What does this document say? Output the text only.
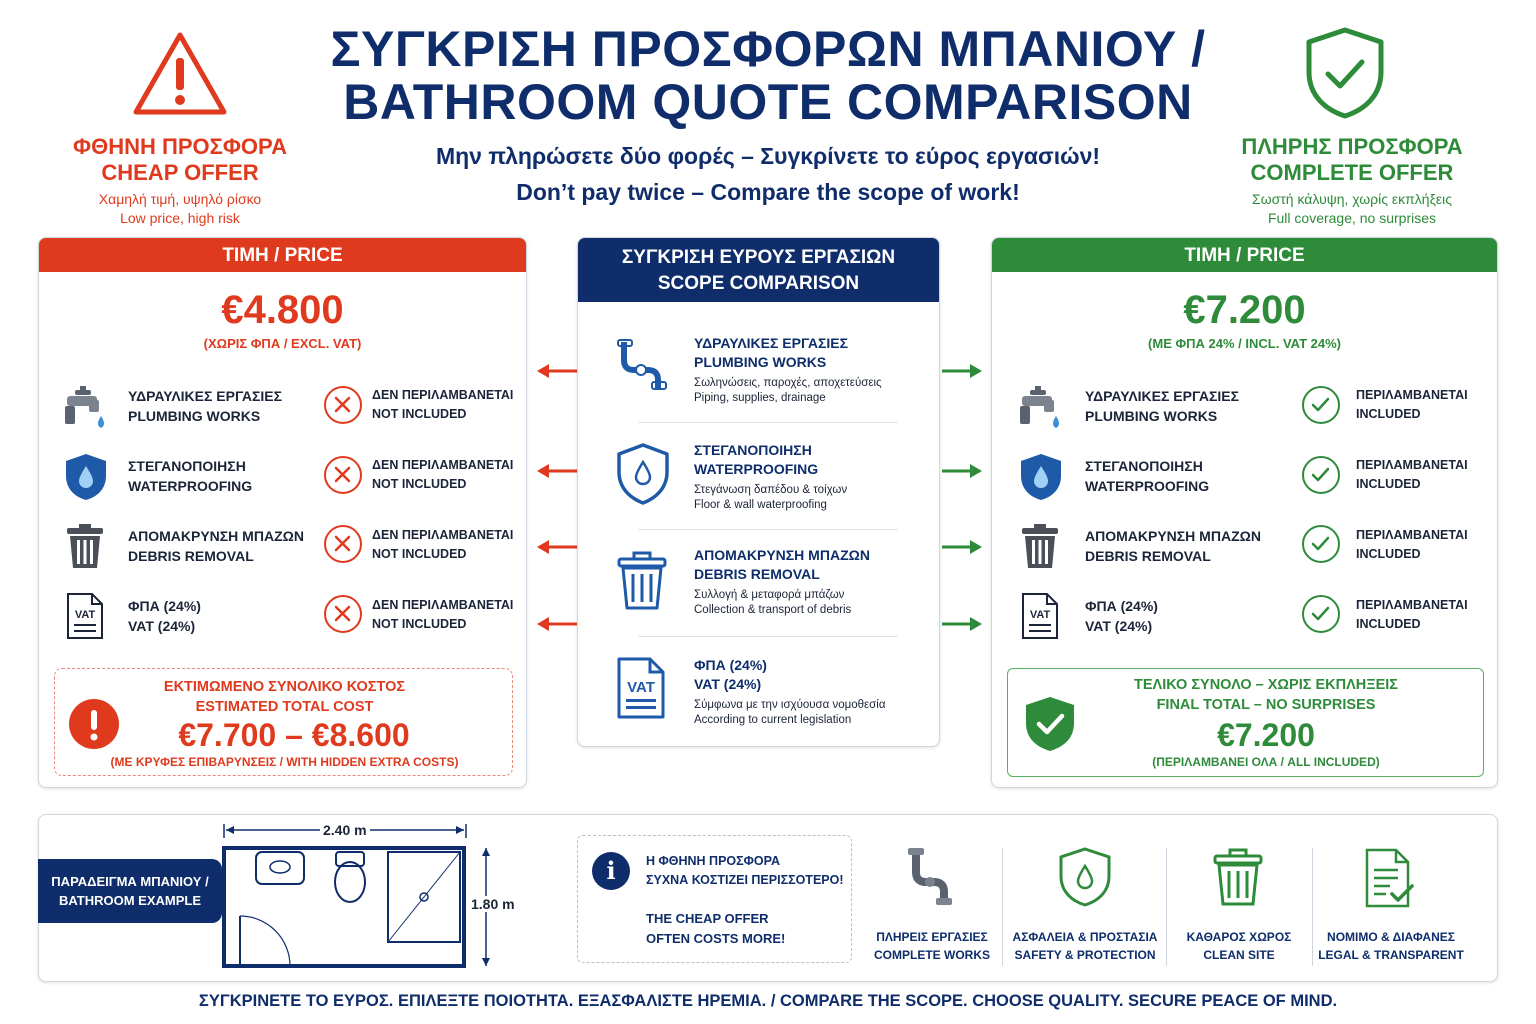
ΣΥΓΚΡΙΣΗ ΠΡΟΣΦΟΡΩΝ ΜΠΑΝΙΟΥ /
BATHROOM QUOTE COMPARISON
Μην πληρώσετε δύο φορές – Συγκρίνετε το εύρος εργασιών!
Don’t pay twice – Compare the scope of work!
ΦΘΗΝΗ ΠΡΟΣΦΟΡΑ
CHEAP OFFER
Χαμηλή τιμή, υψηλό ρίσκο
Low price, high risk
ΠΛΗΡΗΣ ΠΡΟΣΦΟΡΑ
COMPLETE OFFER
Σωστή κάλυψη, χωρίς εκπλήξεις
Full coverage, no surprises
ΤΙΜΗ / PRICE
€4.800
(ΧΩΡΙΣ ΦΠΑ / EXCL. VAT)
ΥΔΡΑΥΛΙΚΕΣ ΕΡΓΑΣΙΕΣ
PLUMBING WORKS
ΔΕΝ ΠΕΡΙΛΑΜΒΑΝΕΤΑΙ
NOT INCLUDED
ΣΤΕΓΑΝΟΠΟΙΗΣΗ
WATERPROOFING
ΔΕΝ ΠΕΡΙΛΑΜΒΑΝΕΤΑΙ
NOT INCLUDED
ΑΠΟΜΑΚΡΥΝΣΗ ΜΠΑΖΩΝ
DEBRIS REMOVAL
ΔΕΝ ΠΕΡΙΛΑΜΒΑΝΕΤΑΙ
NOT INCLUDED
VAT
ΦΠΑ (24%)
VAT (24%)
ΔΕΝ ΠΕΡΙΛΑΜΒΑΝΕΤΑΙ
NOT INCLUDED
ΕΚΤΙΜΩΜΕΝΟ ΣΥΝΟΛΙΚΟ ΚΟΣΤΟΣ
ESTIMATED TOTAL COST
€7.700 – €8.600
(ΜΕ ΚΡΥΦΕΣ ΕΠΙΒΑΡΥΝΣΕΙΣ / WITH HIDDEN EXTRA COSTS)
ΣΥΓΚΡΙΣΗ ΕΥΡΟΥΣ ΕΡΓΑΣΙΩΝ
SCOPE COMPARISON
ΥΔΡΑΥΛΙΚΕΣ ΕΡΓΑΣΙΕΣ
PLUMBING WORKS
Σωληνώσεις, παροχές, αποχετεύσεις
Piping, supplies, drainage
ΣΤΕΓΑΝΟΠΟΙΗΣΗ
WATERPROOFING
Στεγάνωση δαπέδου & τοίχων
Floor & wall waterproofing
ΑΠΟΜΑΚΡΥΝΣΗ ΜΠΑΖΩΝ
DEBRIS REMOVAL
Συλλογή & μεταφορά μπάζων
Collection & transport of debris
VAT
ΦΠΑ (24%)
VAT (24%)
Σύμφωνα με την ισχύουσα νομοθεσία
According to current legislation
ΤΙΜΗ / PRICE
€7.200
(ΜΕ ΦΠΑ 24% / INCL. VAT 24%)
ΥΔΡΑΥΛΙΚΕΣ ΕΡΓΑΣΙΕΣ
PLUMBING WORKS
ΠΕΡΙΛΑΜΒΑΝΕΤΑΙ
INCLUDED
ΣΤΕΓΑΝΟΠΟΙΗΣΗ
WATERPROOFING
ΠΕΡΙΛΑΜΒΑΝΕΤΑΙ
INCLUDED
ΑΠΟΜΑΚΡΥΝΣΗ ΜΠΑΖΩΝ
DEBRIS REMOVAL
ΠΕΡΙΛΑΜΒΑΝΕΤΑΙ
INCLUDED
VAT
ΦΠΑ (24%)
VAT (24%)
ΠΕΡΙΛΑΜΒΑΝΕΤΑΙ
INCLUDED
ΤΕΛΙΚΟ ΣΥΝΟΛΟ – ΧΩΡΙΣ ΕΚΠΛΗΞΕΙΣ
FINAL TOTAL – NO SURPRISES
€7.200
(ΠΕΡΙΛΑΜΒΑΝΕΙ ΟΛΑ / ALL INCLUDED)
ΠΑΡΑΔΕΙΓΜΑ ΜΠΑΝΙΟΥ /
BATHROOM EXAMPLE
2.40 m
1.80 m
i	Η ΦΘΗΝΗ ΠΡΟΣΦΟΡΑ
ΣΥΧΝΑ ΚΟΣΤΙΖΕΙ ΠΕΡΙΣΣΟΤΕΡΟ!
THE CHEAP OFFER
OFTEN COSTS MORE!	ΠΛΗΡΕΙΣ ΕΡΓΑΣΙΕΣ
COMPLETE WORKS
ΑΣΦΑΛΕΙΑ & ΠΡΟΣΤΑΣΙΑ
SAFETY & PROTECTION
ΚΑΘΑΡΟΣ ΧΩΡΟΣ
CLEAN SITE
ΝΟΜΙΜΟ & ΔΙΑΦΑΝΕΣ
LEGAL & TRANSPARENT
ΣΥΓΚΡΙΝΕΤΕ ΤΟ ΕΥΡΟΣ. ΕΠΙΛΕΞΤΕ ΠΟΙΟΤΗΤΑ. ΕΞΑΣΦΑΛΙΣΤΕ ΗΡΕΜΙΑ. / COMPARE THE SCOPE. CHOOSE QUALITY. SECURE PEACE OF MIND.
